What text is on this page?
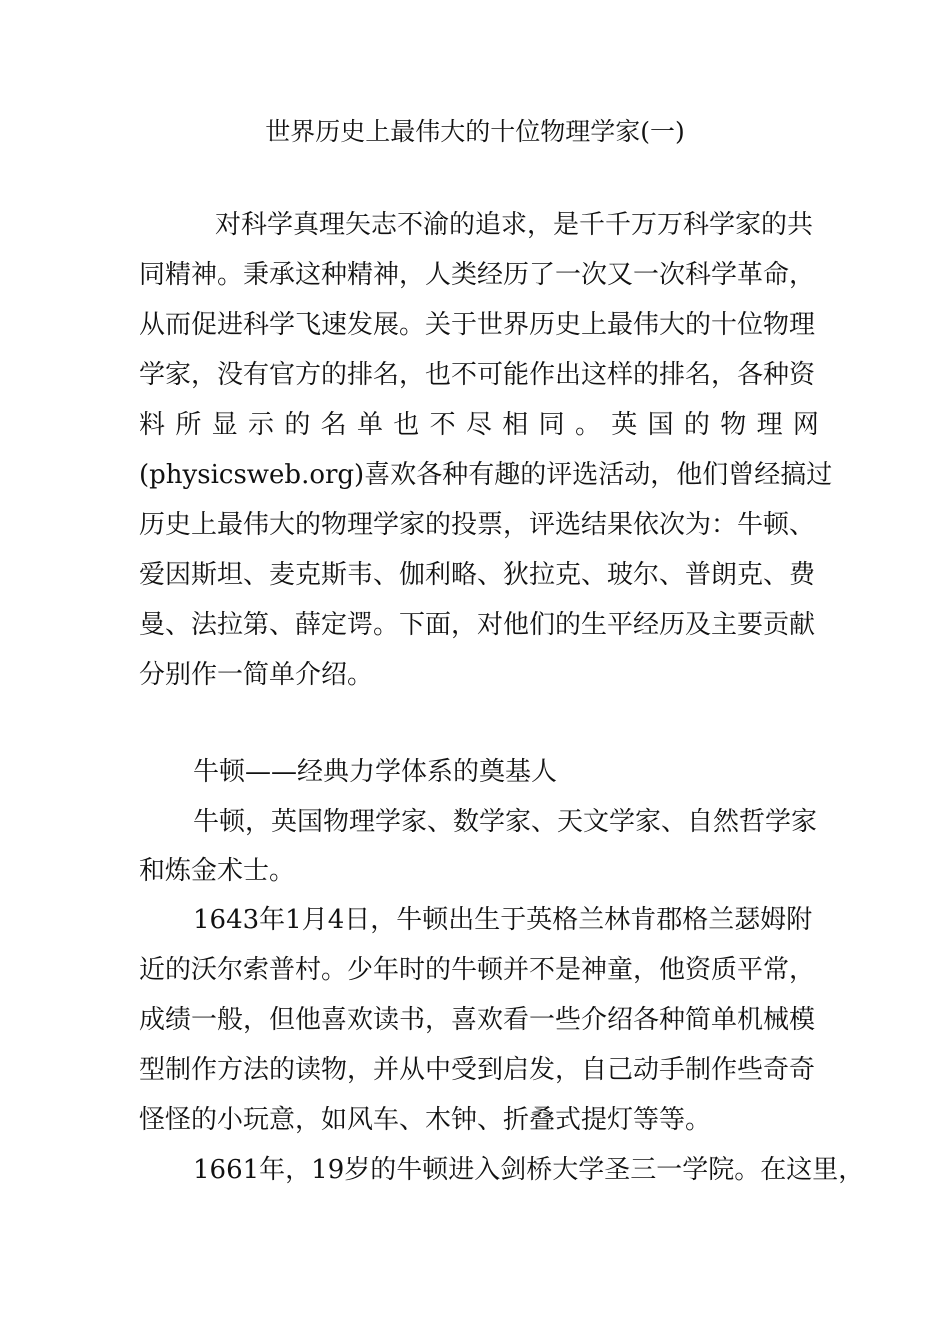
世界历史上最伟大的十位物理学家(一)
对科学真理矢志不渝的追求，是千千万万科学家的共
同精神。秉承这种精神，人类经历了一次又一次科学革命，
从而促进科学飞速发展。关于世界历史上最伟大的十位物理
学家，没有官方的排名，也不可能作出这样的排名，各种资
料 所 显 示 的 名 单 也 不 尽 相 同 。 英 国 的 物 理 网
(physicsweb.org)喜欢各种有趣的评选活动，他们曾经搞过
历史上最伟大的物理学家的投票，评选结果依次为：牛顿、
爱因斯坦、麦克斯韦、伽利略、狄拉克、玻尔、普朗克、费
曼、法拉第、薛定谔。下面，对他们的生平经历及主要贡献
分别作一简单介绍。
牛顿——经典力学体系的奠基人
牛顿，英国物理学家、数学家、天文学家、自然哲学家
和炼金术士。
1643年1月4日，牛顿出生于英格兰林肯郡格兰瑟姆附
近的沃尔索普村。少年时的牛顿并不是神童，他资质平常，
成绩一般，但他喜欢读书，喜欢看一些介绍各种简单机械模
型制作方法的读物，并从中受到启发，自己动手制作些奇奇
怪怪的小玩意，如风车、木钟、折叠式提灯等等。
1661年，19岁的牛顿进入剑桥大学圣三一学院。在这里，
